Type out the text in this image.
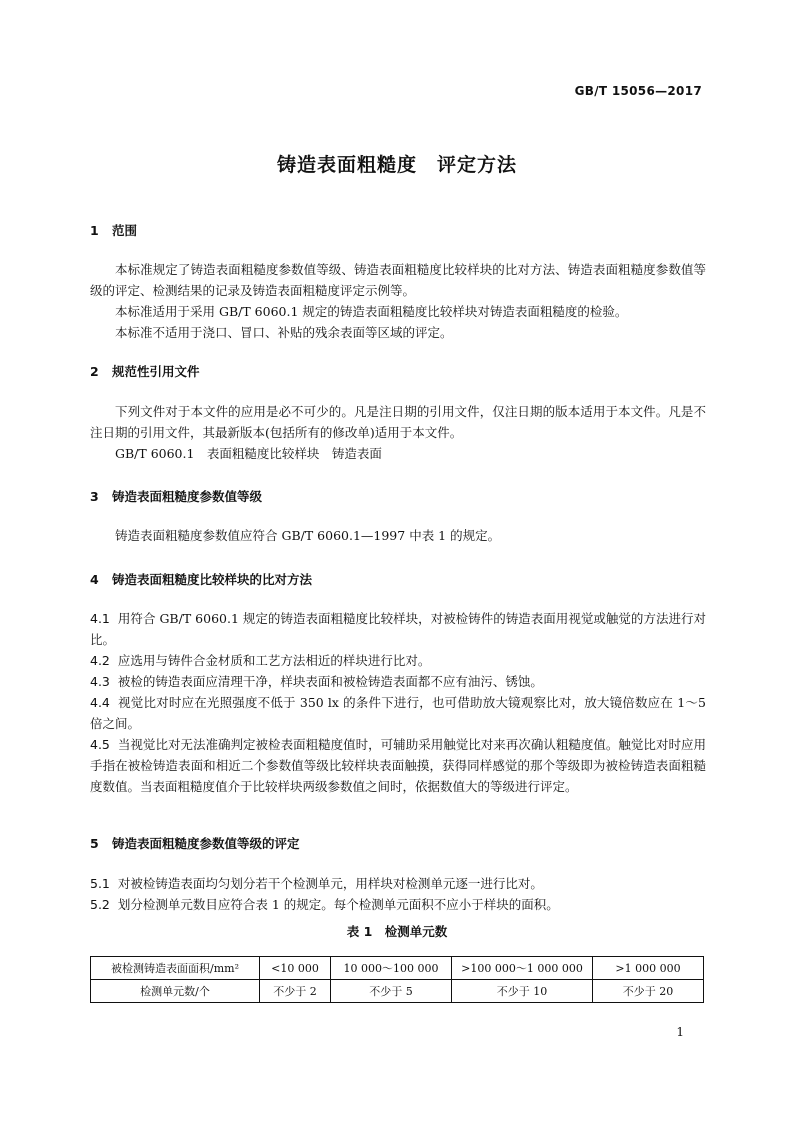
GB/T 15056—2017
铸造表面粗糙度　评定方法
1 范围
本标准规定了铸造表面粗糙度参数值等级、铸造表面粗糙度比较样块的比对方法、铸造表面粗糙度参数值等级的评定、检测结果的记录及铸造表面粗糙度评定示例等。
本标准适用于采用 GB/T 6060.1 规定的铸造表面粗糙度比较样块对铸造表面粗糙度的检验。
本标准不适用于浇口、冒口、补贴的残余表面等区域的评定。
2 规范性引用文件
下列文件对于本文件的应用是必不可少的。凡是注日期的引用文件，仅注日期的版本适用于本文件。凡是不注日期的引用文件，其最新版本(包括所有的修改单)适用于本文件。
GB/T 6060.1　表面粗糙度比较样块　铸造表面
3 铸造表面粗糙度参数值等级
铸造表面粗糙度参数值应符合 GB/T 6060.1—1997 中表 1 的规定。
4 铸造表面粗糙度比较样块的比对方法
4.1 用符合 GB/T 6060.1 规定的铸造表面粗糙度比较样块，对被检铸件的铸造表面用视觉或触觉的方法进行对比。
4.2 应选用与铸件合金材质和工艺方法相近的样块进行比对。
4.3 被检的铸造表面应清理干净，样块表面和被检铸造表面都不应有油污、锈蚀。
4.4 视觉比对时应在光照强度不低于 350 lx 的条件下进行，也可借助放大镜观察比对，放大镜倍数应在 1～5 倍之间。
4.5 当视觉比对无法准确判定被检表面粗糙度值时，可辅助采用触觉比对来再次确认粗糙度值。触觉比对时应用手指在被检铸造表面和相近二个参数值等级比较样块表面触摸，获得同样感觉的那个等级即为被检铸造表面粗糙度数值。当表面粗糙度值介于比较样块两级参数值之间时，依据数值大的等级进行评定。
5 铸造表面粗糙度参数值等级的评定
5.1 对被检铸造表面均匀划分若干个检测单元，用样块对检测单元逐一进行比对。
5.2 划分检测单元数目应符合表 1 的规定。每个检测单元面积不应小于样块的面积。
表 1　检测单元数
被检测铸造表面面积/mm²	<10 000	10 000～100 000	>100 000～1 000 000	>1 000 000
检测单元数/个	不少于 2	不少于 5	不少于 10	不少于 20
1
